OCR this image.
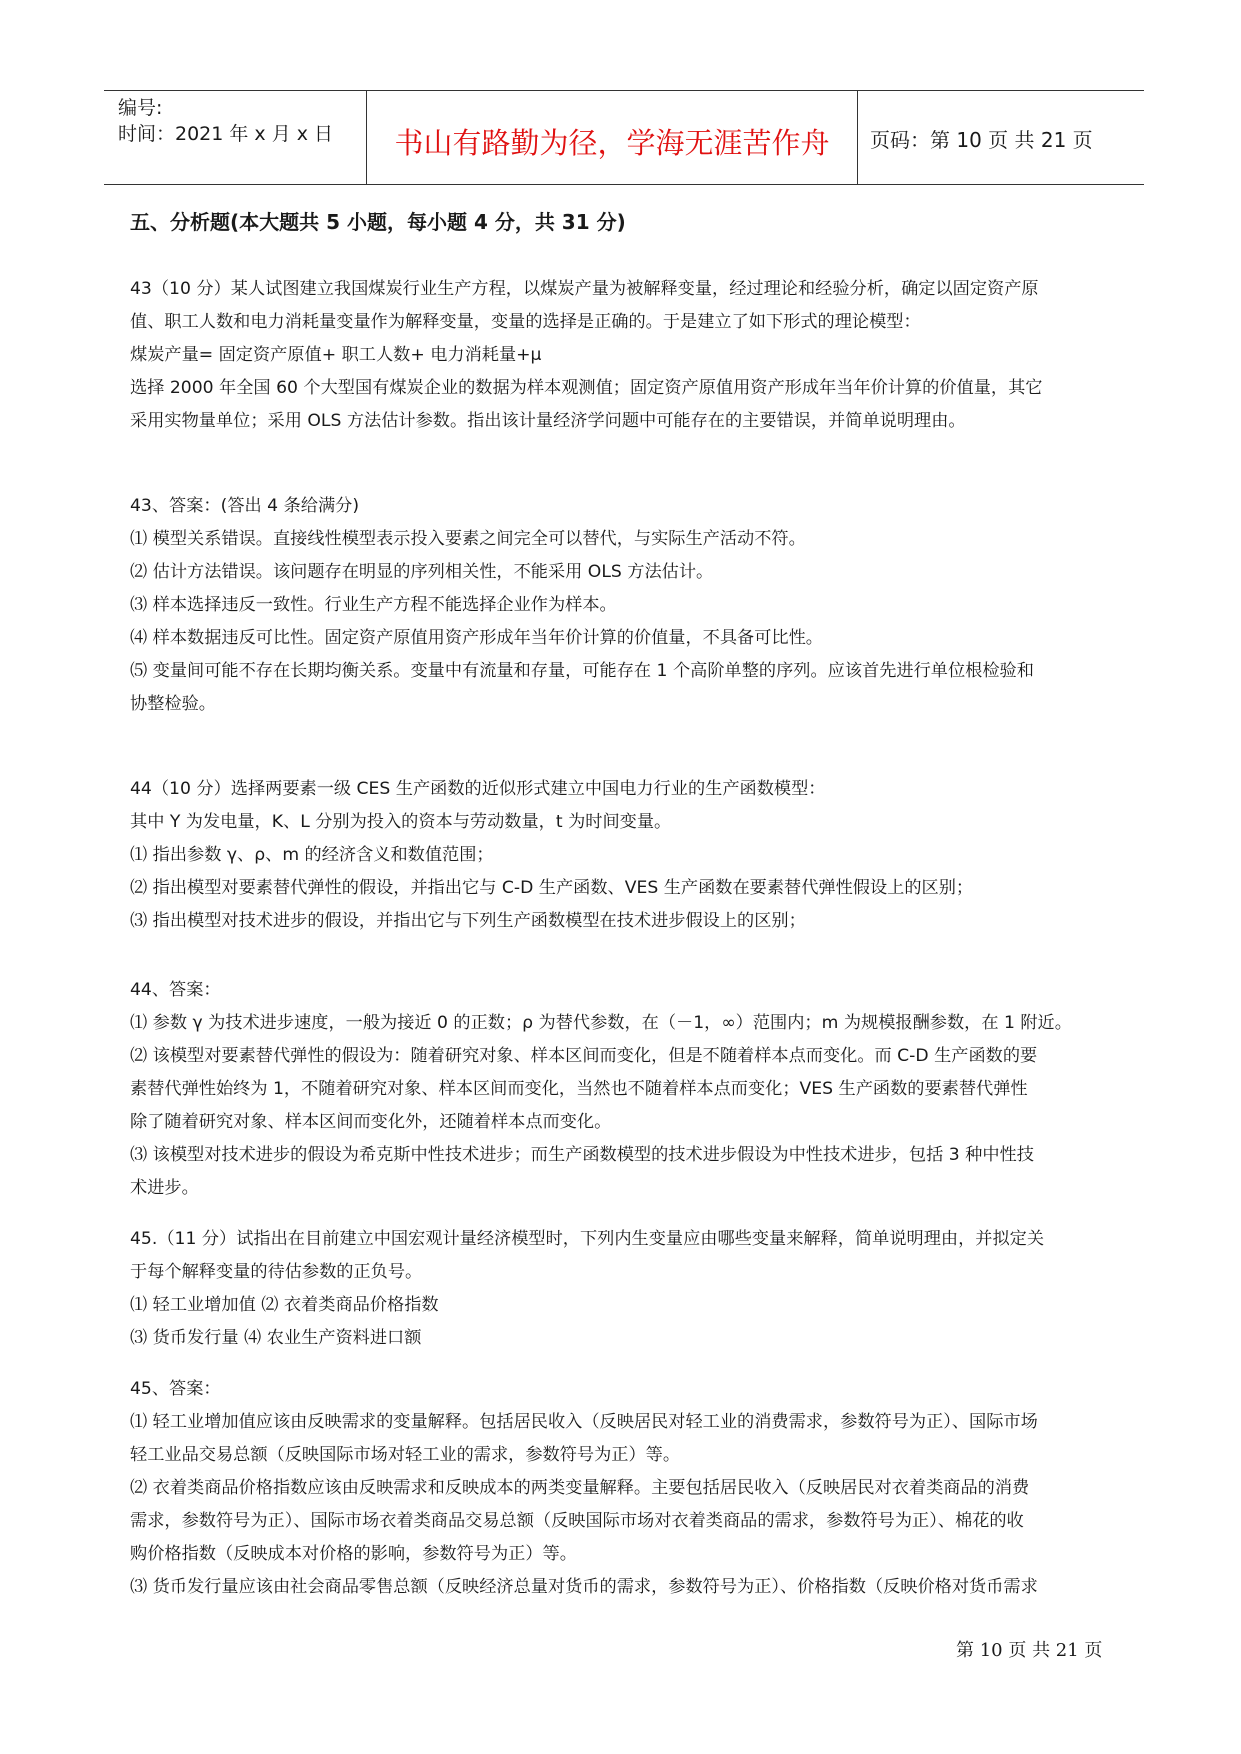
编号:
时间：2021 年 x 月 x 日	书山有路勤为径，学海无涯苦作舟	页码：第 10 页 共 21 页
五、分析题(本大题共 5 小题，每小题 4 分，共 31 分)

43（10 分）某人试图建立我国煤炭行业生产方程，以煤炭产量为被解释变量，经过理论和经验分析，确定以固定资产原

值、职工人数和电力消耗量变量作为解释变量，变量的选择是正确的。于是建立了如下形式的理论模型：

煤炭产量= 固定资产原值+ 职工人数+ 电力消耗量+μ

选择 2000 年全国 60 个大型国有煤炭企业的数据为样本观测值；固定资产原值用资产形成年当年价计算的价值量，其它

采用实物量单位；采用 OLS 方法估计参数。指出该计量经济学问题中可能存在的主要错误，并简单说明理由。

43、答案：(答出 4 条给满分)

⑴ 模型关系错误。直接线性模型表示投入要素之间完全可以替代，与实际生产活动不符。

⑵ 估计方法错误。该问题存在明显的序列相关性，不能采用 OLS 方法估计。

⑶ 样本选择违反一致性。行业生产方程不能选择企业作为样本。

⑷ 样本数据违反可比性。固定资产原值用资产形成年当年价计算的价值量，不具备可比性。

⑸ 变量间可能不存在长期均衡关系。变量中有流量和存量，可能存在 1 个高阶单整的序列。应该首先进行单位根检验和

协整检验。

44（10 分）选择两要素一级 CES 生产函数的近似形式建立中国电力行业的生产函数模型：

其中 Y 为发电量，K、L 分别为投入的资本与劳动数量，t 为时间变量。

⑴ 指出参数 γ、ρ、m 的经济含义和数值范围；

⑵ 指出模型对要素替代弹性的假设，并指出它与 C-D 生产函数、VES 生产函数在要素替代弹性假设上的区别；

⑶ 指出模型对技术进步的假设，并指出它与下列生产函数模型在技术进步假设上的区别；

44、答案：

⑴ 参数 γ 为技术进步速度，一般为接近 0 的正数；ρ 为替代参数，在（－1，∞）范围内；m 为规模报酬参数，在 1 附近。

⑵ 该模型对要素替代弹性的假设为：随着研究对象、样本区间而变化，但是不随着样本点而变化。而 C-D 生产函数的要

素替代弹性始终为 1，不随着研究对象、样本区间而变化，当然也不随着样本点而变化；VES 生产函数的要素替代弹性

除了随着研究对象、样本区间而变化外，还随着样本点而变化。

⑶ 该模型对技术进步的假设为希克斯中性技术进步；而生产函数模型的技术进步假设为中性技术进步，包括 3 种中性技

术进步。

45.（11 分）试指出在目前建立中国宏观计量经济模型时，下列内生变量应由哪些变量来解释，简单说明理由，并拟定关

于每个解释变量的待估参数的正负号。

⑴ 轻工业增加值 ⑵ 衣着类商品价格指数

⑶ 货币发行量 ⑷ 农业生产资料进口额

45、答案：

⑴ 轻工业增加值应该由反映需求的变量解释。包括居民收入（反映居民对轻工业的消费需求，参数符号为正）、国际市场

轻工业品交易总额（反映国际市场对轻工业的需求，参数符号为正）等。

⑵ 衣着类商品价格指数应该由反映需求和反映成本的两类变量解释。主要包括居民收入（反映居民对衣着类商品的消费

需求，参数符号为正）、国际市场衣着类商品交易总额（反映国际市场对衣着类商品的需求，参数符号为正）、棉花的收

购价格指数（反映成本对价格的影响，参数符号为正）等。

⑶ 货币发行量应该由社会商品零售总额（反映经济总量对货币的需求，参数符号为正）、价格指数（反映价格对货币需求

第 10 页 共 21 页
